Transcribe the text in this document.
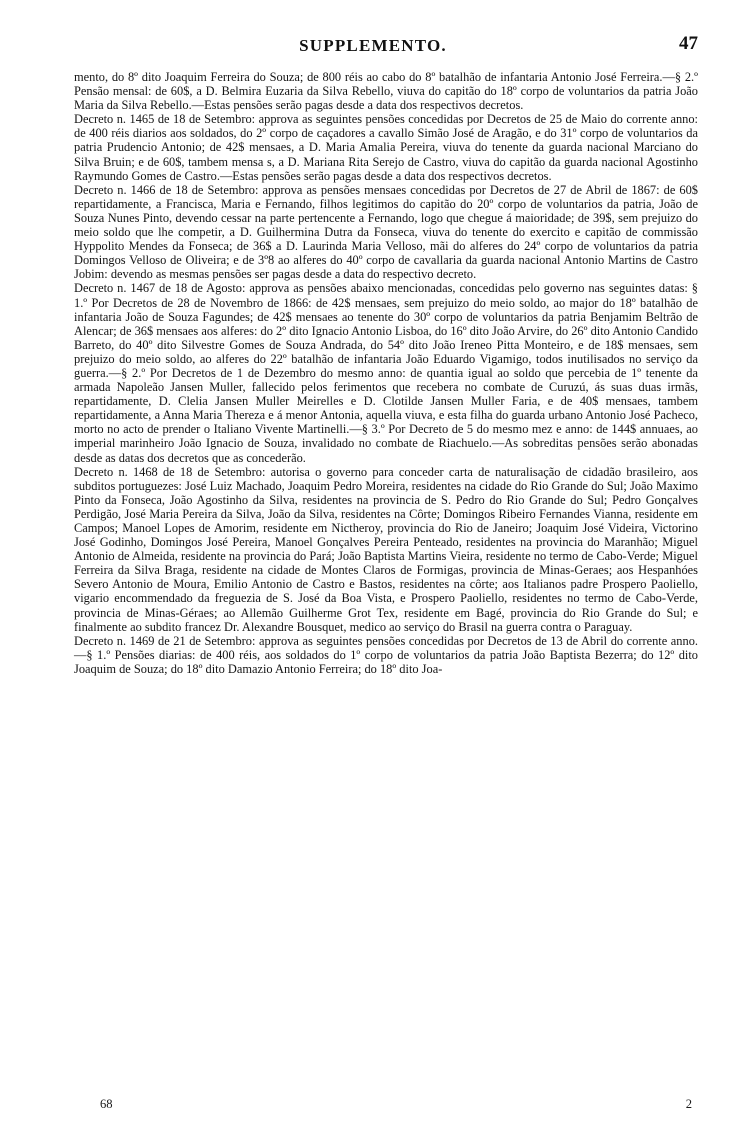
SUPPLEMENTO.	47

mento, do 8º dito Joaquim Ferreira do Souza; de 800 réis ao cabo do 8º batalhão de infantaria Antonio José Ferreira.—§ 2.º Pensão mensal: de 60$, a D. Belmira Euzaria da Silva Rebello, viuva do capitão do 18º corpo de voluntarios da patria João Maria da Silva Rebello.—Estas pensões serão pagas desde a data dos respectivos decretos.

Decreto n. 1465 de 18 de Setembro: approva as seguintes pensões concedidas por Decretos de 25 de Maio do corrente anno: de 400 réis diarios aos soldados, do 2º corpo de caçadores a cavallo Simão José de Aragão, e do 31º corpo de voluntarios da patria Prudencio Antonio; de 42$ mensaes, a D. Maria Amalia Pereira, viuva do tenente da guarda nacional Marciano do Silva Bruin; e de 60$, tambem mensa s, a D. Mariana Rita Serejo de Castro, viuva do capitão da guarda nacional Agostinho Raymundo Gomes de Castro.—Estas pensões serão pagas desde a data dos respectivos decretos.

Decreto n. 1466 de 18 de Setembro: approva as pensões mensaes concedidas por Decretos de 27 de Abril de 1867: de 60$ repartidamente, a Francisca, Maria e Fernando, filhos legitimos do capitão do 20º corpo de voluntarios da patria, João de Souza Nunes Pinto, devendo cessar na parte pertencente a Fernando, logo que chegue á maioridade; de 39$, sem prejuizo do meio soldo que lhe competir, a D. Guilhermina Dutra da Fonseca, viuva do tenente do exercito e capitão de commissão Hyppolito Mendes da Fonseca; de 36$ a D. Laurinda Maria Velloso, mãi do alferes do 24º corpo de voluntarios da patria Domingos Velloso de Oliveira; e de 3º8 ao alferes do 40º corpo de cavallaria da guarda nacional Antonio Martins de Castro Jobim: devendo as mesmas pensões ser pagas desde a data do respectivo decreto.

Decreto n. 1467 de 18 de Agosto: approva as pensões abaixo mencionadas, concedidas pelo governo nas seguintes datas: § 1.º Por Decretos de 28 de Novembro de 1866: de 42$ mensaes, sem prejuizo do meio soldo, ao major do 18º batalhão de infantaria João de Souza Fagundes; de 42$ mensaes ao tenente do 30º corpo de voluntarios da patria Benjamim Beltrão de Alencar; de 36$ mensaes aos alferes: do 2º dito Ignacio Antonio Lisboa, do 16º dito João Arvire, do 26º dito Antonio Candido Barreto, do 40º dito Silvestre Gomes de Souza Andrada, do 54º dito João Ireneo Pitta Monteiro, e de 18$ mensaes, sem prejuizo do meio soldo, ao alferes do 22º batalhão de infantaria João Eduardo Vigamigo, todos inutilisados no serviço da guerra.—§ 2.º Por Decretos de 1 de Dezembro do mesmo anno: de quantia igual ao soldo que percebia de 1º tenente da armada Napoleão Jansen Muller, fallecido pelos ferimentos que recebera no combate de Curuzú, ás suas duas irmãs, repartidamente, D. Clelia Jansen Muller Meirelles e D. Clotilde Jansen Muller Faria, e de 40$ mensaes, tambem repartidamente, a Anna Maria Thereza e á menor Antonia, aquella viuva, e esta filha do guarda urbano Antonio José Pacheco, morto no acto de prender o Italiano Vivente Martinelli.—§ 3.º Por Decreto de 5 do mesmo mez e anno: de 144$ annuaes, ao imperial marinheiro João Ignacio de Souza, invalidado no combate de Riachuelo.—As sobreditas pensões serão abonadas desde as datas dos decretos que as concederão.

Decreto n. 1468 de 18 de Setembro: autorisa o governo para conceder carta de naturalisação de cidadão brasileiro, aos subditos portuguezes: José Luiz Machado, Joaquim Pedro Moreira, residentes na cidade do Rio Grande do Sul; João Maximo Pinto da Fonseca, João Agostinho da Silva, residentes na provincia de S. Pedro do Rio Grande do Sul; Pedro Gonçalves Perdigão, José Maria Pereira da Silva, João da Silva, residentes na Côrte; Domingos Ribeiro Fernandes Vianna, residente em Campos; Manoel Lopes de Amorim, residente em Nictheroy, provincia do Rio de Janeiro; Joaquim José Videira, Victorino José Godinho, Domingos José Pereira, Manoel Gonçalves Pereira Penteado, residentes na provincia do Maranhão; Miguel Antonio de Almeida, residente na provincia do Pará; João Baptista Martins Vieira, residente no termo de Cabo-Verde; Miguel Ferreira da Silva Braga, residente na cidade de Montes Claros de Formigas, provincia de Minas-Geraes; aos Hespanhóes Severo Antonio de Moura, Emilio Antonio de Castro e Bastos, residentes na côrte; aos Italianos padre Prospero Paoliello, vigario encommendado da freguezia de S. José da Boa Vista, e Prospero Paoliello, residentes no termo de Cabo-Verde, provincia de Minas-Géraes; ao Allemão Guilherme Grot Tex, residente em Bagé, provincia do Rio Grande do Sul; e finalmente ao subdito francez Dr. Alexandre Bousquet, medico ao serviço do Brasil na guerra contra o Paraguay.

Decreto n. 1469 de 21 de Setembro: approva as seguintes pensões concedidas por Decretos de 13 de Abril do corrente anno.—§ 1.º Pensões diarias: de 400 réis, aos soldados do 1º corpo de voluntarios da patria João Baptista Bezerra; do 12º dito Joaquim de Souza; do 18º dito Damazio Antonio Ferreira; do 18º dito Joa-

68	2
